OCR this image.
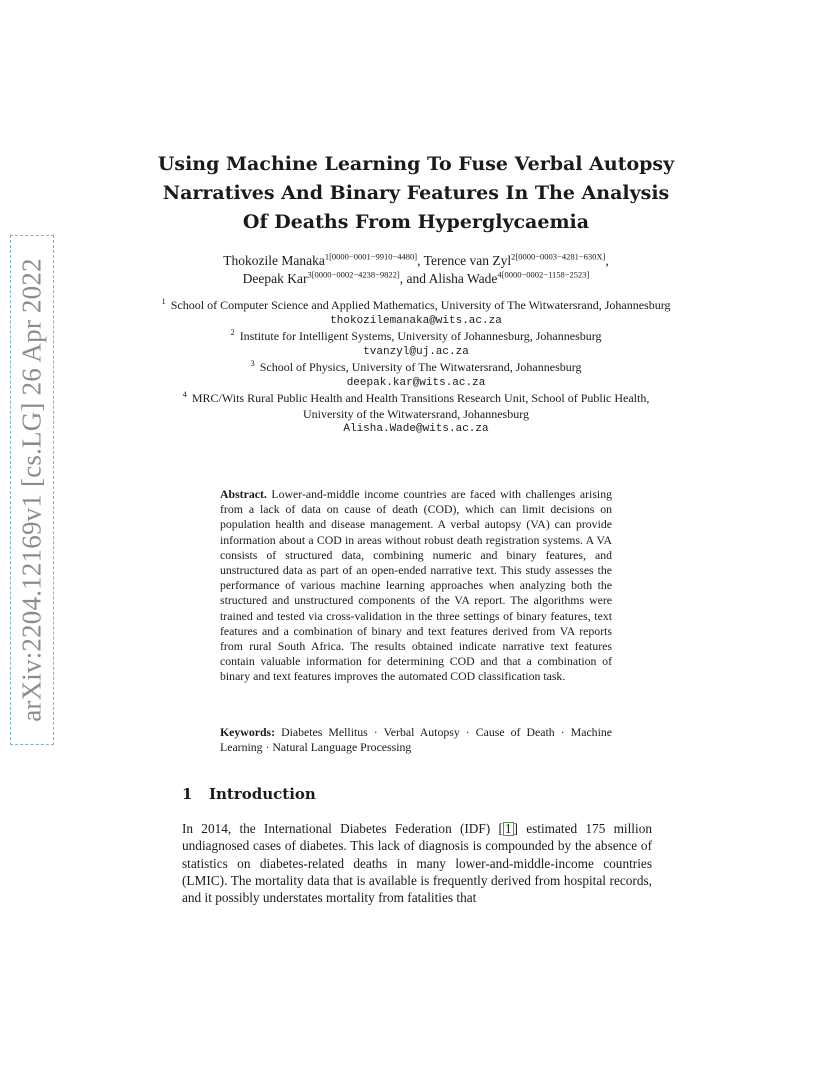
arXiv:2204.12169v1 [cs.LG] 26 Apr 2022
Using Machine Learning To Fuse Verbal Autopsy Narratives And Binary Features In The Analysis Of Deaths From Hyperglycaemia
Thokozile Manaka$^{1[0000-0001-9910-4480]}$, Terence van Zyl$^{2[0000-0003-4281-630X]}$,
Deepak Kar$^{3[0000-0002-4238-9822]}$, and Alisha Wade$^{4[0000-0002-1158-2523]}$
$^1$ School of Computer Science and Applied Mathematics, University of The Witwatersrand, Johannesburg
thokozilemanaka@wits.ac.za
$^2$ Institute for Intelligent Systems, University of Johannesburg, Johannesburg
tvanzyl@uj.ac.za
$^3$ School of Physics, University of The Witwatersrand, Johannesburg
deepak.kar@wits.ac.za
$^4$ MRC/Wits Rural Public Health and Health Transitions Research Unit, School of Public Health, University of the Witwatersrand, Johannesburg
Alisha.Wade@wits.ac.za
Abstract. Lower-and-middle income countries are faced with challenges arising from a lack of data on cause of death (COD), which can limit decisions on population health and disease management. A verbal autopsy (VA) can provide information about a COD in areas without robust death registration systems. A VA consists of structured data, combining numeric and binary features, and unstructured data as part of an open-ended narrative text. This study assesses the performance of various machine learning approaches when analyzing both the structured and unstructured components of the VA report. The algorithms were trained and tested via cross-validation in the three settings of binary features, text features and a combination of binary and text features derived from VA reports from rural South Africa. The results obtained indicate narrative text features contain valuable information for determining COD and that a combination of binary and text features improves the automated COD classification task.
Keywords: Diabetes Mellitus · Verbal Autopsy · Cause of Death · Machine Learning · Natural Language Processing
1 Introduction
In 2014, the International Diabetes Federation (IDF) [ 1 ] estimated 175 million undiagnosed cases of diabetes. This lack of diagnosis is compounded by the absence of statistics on diabetes-related deaths in many lower-and-middle-income countries (LMIC). The mortality data that is available is frequently derived from hospital records, and it possibly understates mortality from fatalities that
